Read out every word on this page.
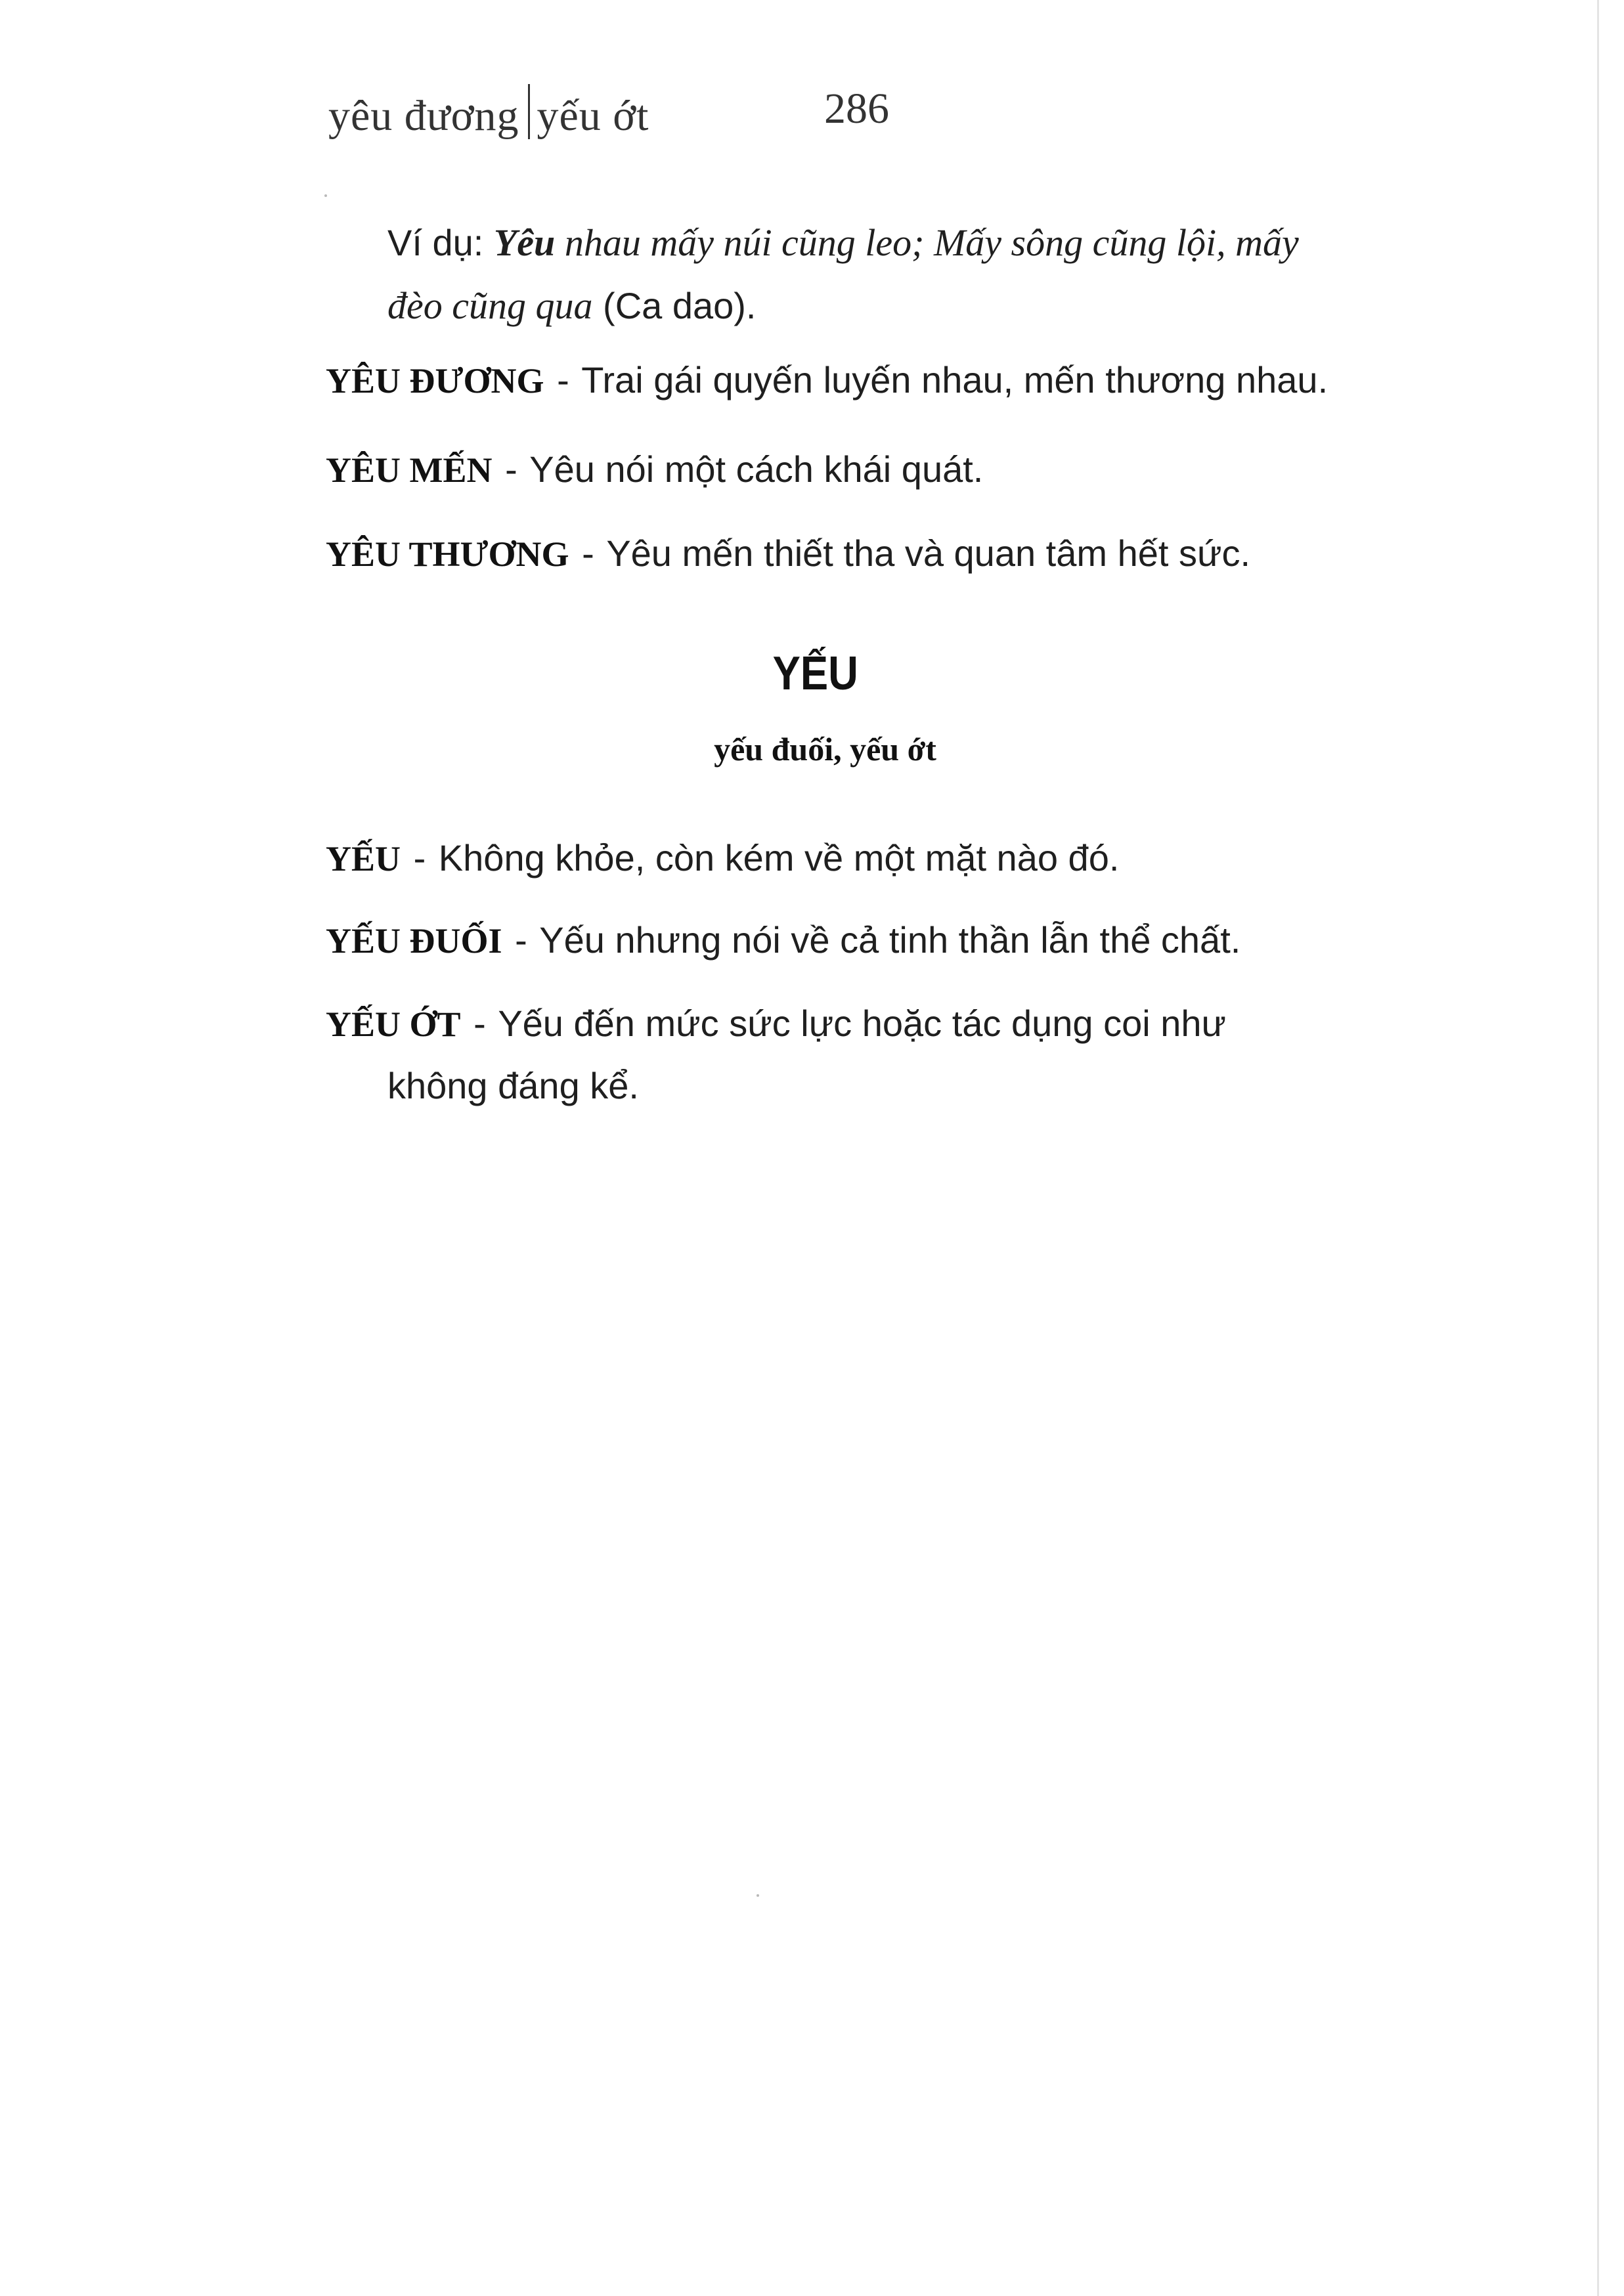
yêu đương yếu ớt	286
Ví dụ: Yêu nhau mấy núi cũng leo; Mấy sông cũng lội, mấy
đèo cũng qua (Ca dao).
YÊU ĐƯƠNG - Trai gái quyến luyến nhau, mến thương nhau.
YÊU MẾN - Yêu nói một cách khái quát.
YÊU THƯƠNG - Yêu mến thiết tha và quan tâm hết sức.
YẾU
yếu đuối, yếu ớt
YẾU - Không khỏe, còn kém về một mặt nào đó.
YẾU ĐUỐI - Yếu nhưng nói về cả tinh thần lẫn thể chất.
YẾU ỚT - Yếu đến mức sức lực hoặc tác dụng coi như
không đáng kể.
